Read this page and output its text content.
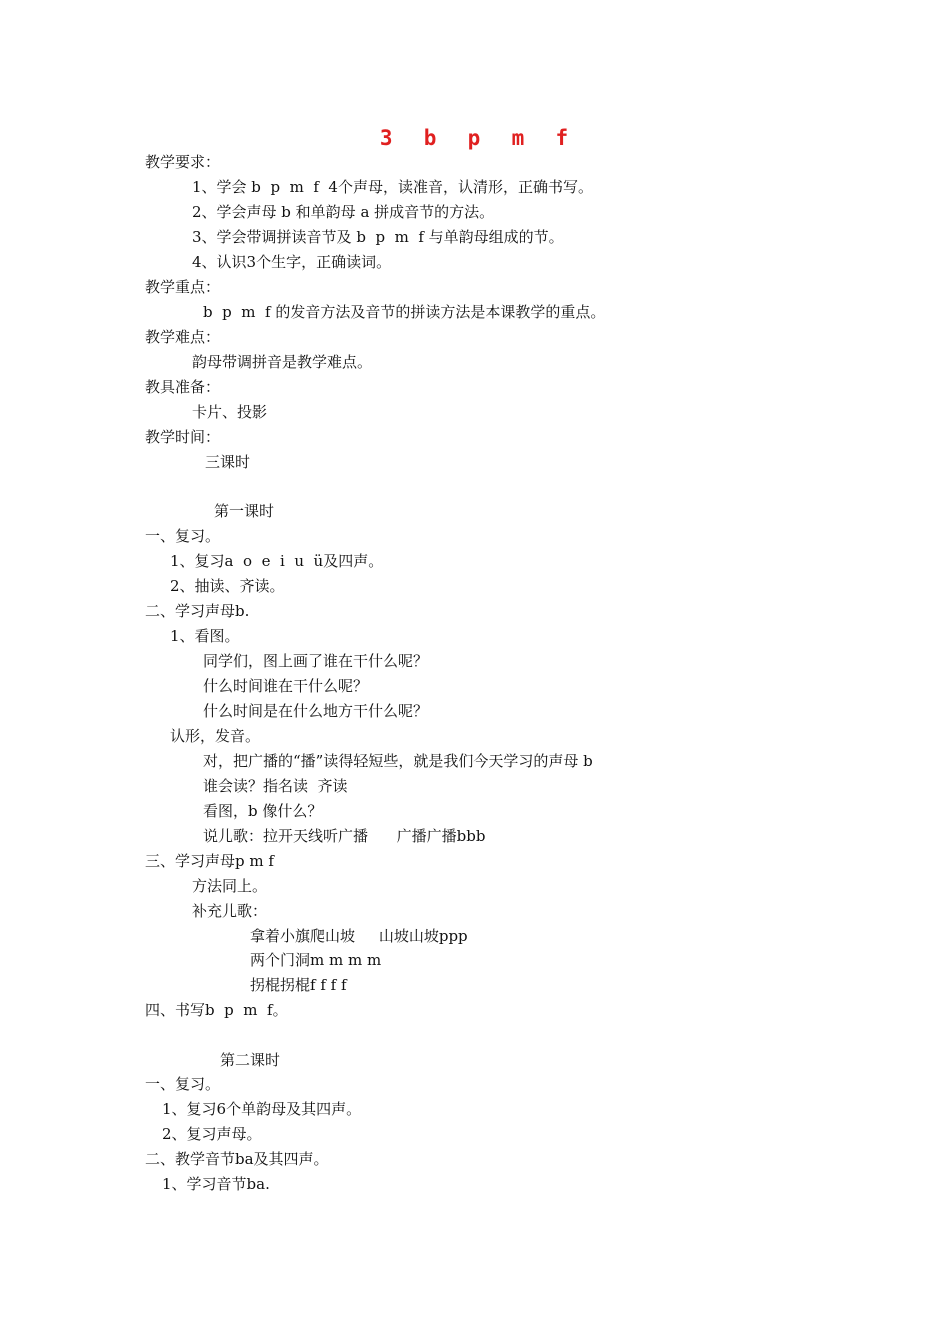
3  b  p  m  f
教学要求：
1、学会 b  p  m  f  4个声母，读准音，认清形，正确书写。
2、学会声母 b 和单韵母 a 拼成音节的方法。
3、学会带调拼读音节及 b  p  m  f 与单韵母组成的节。
4、认识3个生字，正确读词。
教学重点：
b  p  m  f 的发音方法及音节的拼读方法是本课教学的重点。
教学难点：
韵母带调拼音是教学难点。
教具准备：
卡片、投影
教学时间：
三课时
第一课时
一、复习。
1、复习a  o  e  i  u  ü及四声。
2、抽读、齐读。
二、学习声母b.
1、看图。
同学们，图上画了谁在干什么呢？
什么时间谁在干什么呢？
什么时间是在什么地方干什么呢？
认形，发音。
对，把广播的“播”读得轻短些，就是我们今天学习的声母 b
谁会读？指名读  齐读
看图，b 像什么？
说儿歌：拉开天线听广播      广播广播bbb
三、学习声母p m f
方法同上。
补充儿歌：
拿着小旗爬山坡     山坡山坡ppp
两个门洞m m m m
拐棍拐棍f f f f
四、书写b  p  m  f。
第二课时
一、复习。
1、复习6个单韵母及其四声。
2、复习声母。
二、教学音节ba及其四声。
1、学习音节ba.
